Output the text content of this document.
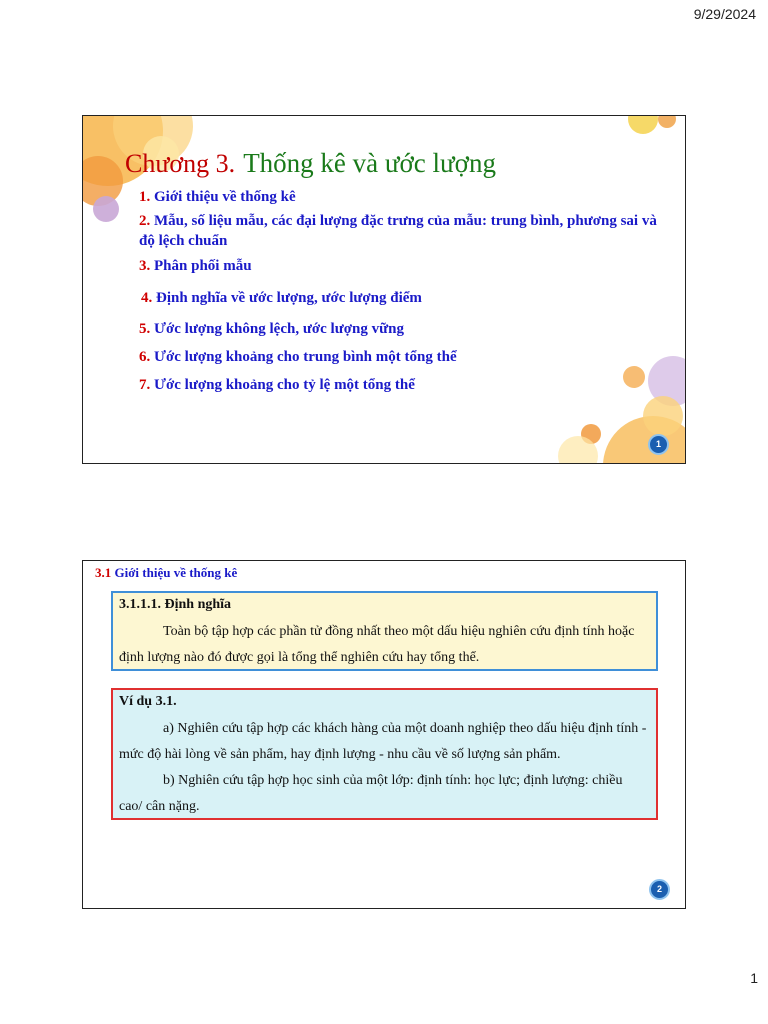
9/29/2024
Chương 3. Thống kê và ước lượng
1. Giới thiệu về thống kê
2. Mẫu, số liệu mẫu, các đại lượng đặc trưng của mẫu: trung bình, phương sai và độ lệch chuẩn
3. Phân phối mẫu
4. Định nghĩa về ước lượng, ước lượng điểm
5. Ước lượng không lệch, ước lượng vững
6. Ước lượng khoảng cho trung bình một tổng thể
7. Ước lượng khoảng cho tỷ lệ một tổng thể
1
3.1 Giới thiệu về thống kê
3.1.1.1. Định nghĩa
Toàn bộ tập hợp các phần tử đồng nhất theo một dấu hiệu nghiên cứu định tính hoặc định lượng nào đó được gọi là tổng thể nghiên cứu hay tổng thể.
Ví dụ 3.1.
a) Nghiên cứu tập hợp các khách hàng của một doanh nghiệp theo dấu hiệu định tính - mức độ hài lòng về sản phẩm, hay định lượng - nhu cầu về số lượng sản phẩm.
b) Nghiên cứu tập hợp học sinh của một lớp: định tính: học lực; định lượng: chiều cao/ cân nặng.
2
1
